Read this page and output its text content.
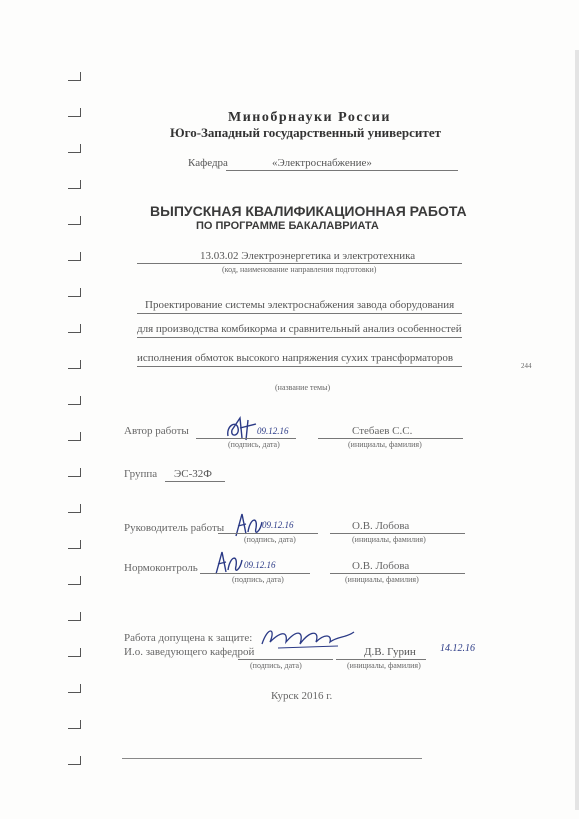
Минобрнауки России
Юго-Западный государственный университет
Кафедра	«Электроснабжение»
ВЫПУСКНАЯ КВАЛИФИКАЦИОННАЯ РАБОТА
ПО ПРОГРАММЕ БАКАЛАВРИАТА
13.03.02 Электроэнергетика и электротехника
(код, наименование направления подготовки)
Проектирование системы электроснабжения завода оборудования
для производства комбикорма и сравнительный анализ особенностей
исполнения обмоток высокого напряжения сухих трансформаторов
(название темы)
244
Автор работы	09.12.16
(подпись, дата)
Стебаев С.С.
(инициалы, фамилия)
Группа ЭС-32Ф
Руководитель работы	09.12.16
(подпись, дата)
О.В. Лобова
(инициалы, фамилия)
Нормоконтроль	09.12.16
(подпись, дата)
О.В. Лобова
(инициалы, фамилия)
Работа допущена к защите:
И.о. заведующего кафедрой
(подпись, дата)
Д.В. Гурин 14.12.16
(инициалы, фамилия)
Курск 2016 г.
